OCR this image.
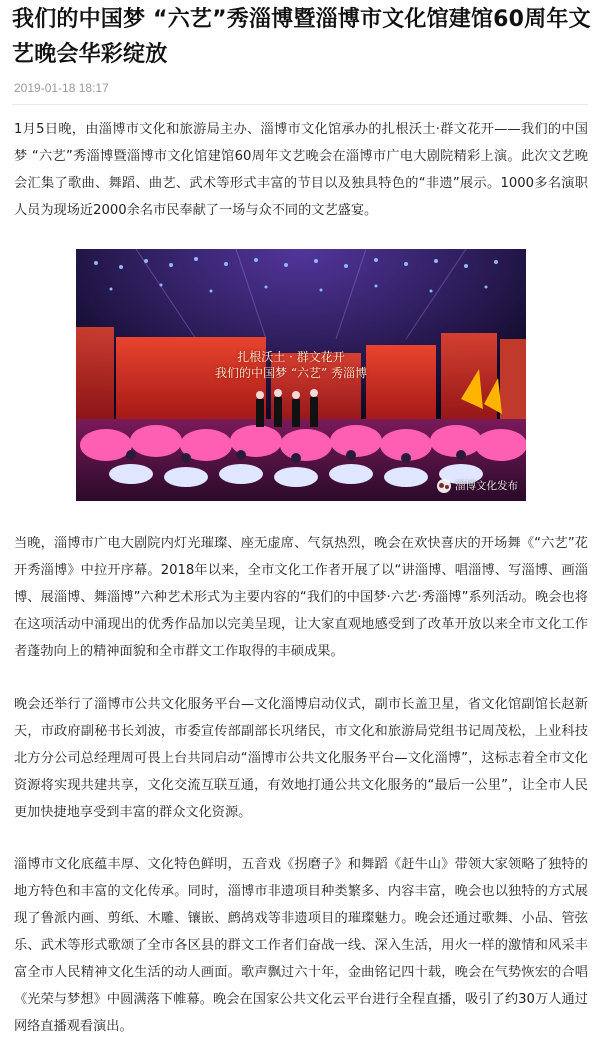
我们的中国梦 “六艺”秀淄博暨淄博市文化馆建馆60周年文艺晚会华彩绽放
2019-01-18 18:17
1月5日晚，由淄博市文化和旅游局主办、淄博市文化馆承办的扎根沃土·群文花开——我们的中国梦 “六艺”秀淄博暨淄博市文化馆建馆60周年文艺晚会在淄博市广电大剧院精彩上演。此次文艺晚会汇集了歌曲、舞蹈、曲艺、武术等形式丰富的节目以及独具特色的“非遗”展示。1000多名演职人员为现场近2000余名市民奉献了一场与众不同的文艺盛宴。
扎根沃土 · 群文花开
我们的中国梦 “六艺” 秀淄博
淄博文化发布
当晚，淄博市广电大剧院内灯光璀璨、座无虚席、气氛热烈，晚会在欢快喜庆的开场舞《“六艺”花开秀淄博》中拉开序幕。2018年以来，全市文化工作者开展了以“讲淄博、唱淄博、写淄博、画淄博、展淄博、舞淄博”六种艺术形式为主要内容的“我们的中国梦·六艺·秀淄博”系列活动。晚会也将在这项活动中涌现出的优秀作品加以完美呈现，让大家直观地感受到了改革开放以来全市文化工作者蓬勃向上的精神面貌和全市群文工作取得的丰硕成果。
晚会还举行了淄博市公共文化服务平台—文化淄博启动仪式，副市长盖卫星，省文化馆副馆长赵新天，市政府副秘书长刘波，市委宣传部副部长巩绪民，市文化和旅游局党组书记周茂松，上业科技北方分公司总经理周可畏上台共同启动“淄博市公共文化服务平台—文化淄博”，这标志着全市文化资源将实现共建共享，文化交流互联互通，有效地打通公共文化服务的“最后一公里”，让全市人民更加快捷地享受到丰富的群众文化资源。
淄博市文化底蕴丰厚、文化特色鲜明，五音戏《拐磨子》和舞蹈《赶牛山》带领大家领略了独特的地方特色和丰富的文化传承。同时，淄博市非遗项目种类繁多、内容丰富，晚会也以独特的方式展现了鲁派内画、剪纸、木雕、镶嵌、鹧鸪戏等非遗项目的璀璨魅力。晚会还通过歌舞、小品、管弦乐、武术等形式歌颂了全市各区县的群文工作者们奋战一线、深入生活，用火一样的激情和风采丰富全市人民精神文化生活的动人画面。歌声飘过六十年，金曲铭记四十载，晚会在气势恢宏的合唱《光荣与梦想》中圆满落下帷幕。晚会在国家公共文化云平台进行全程直播，吸引了约30万人通过网络直播观看演出。
